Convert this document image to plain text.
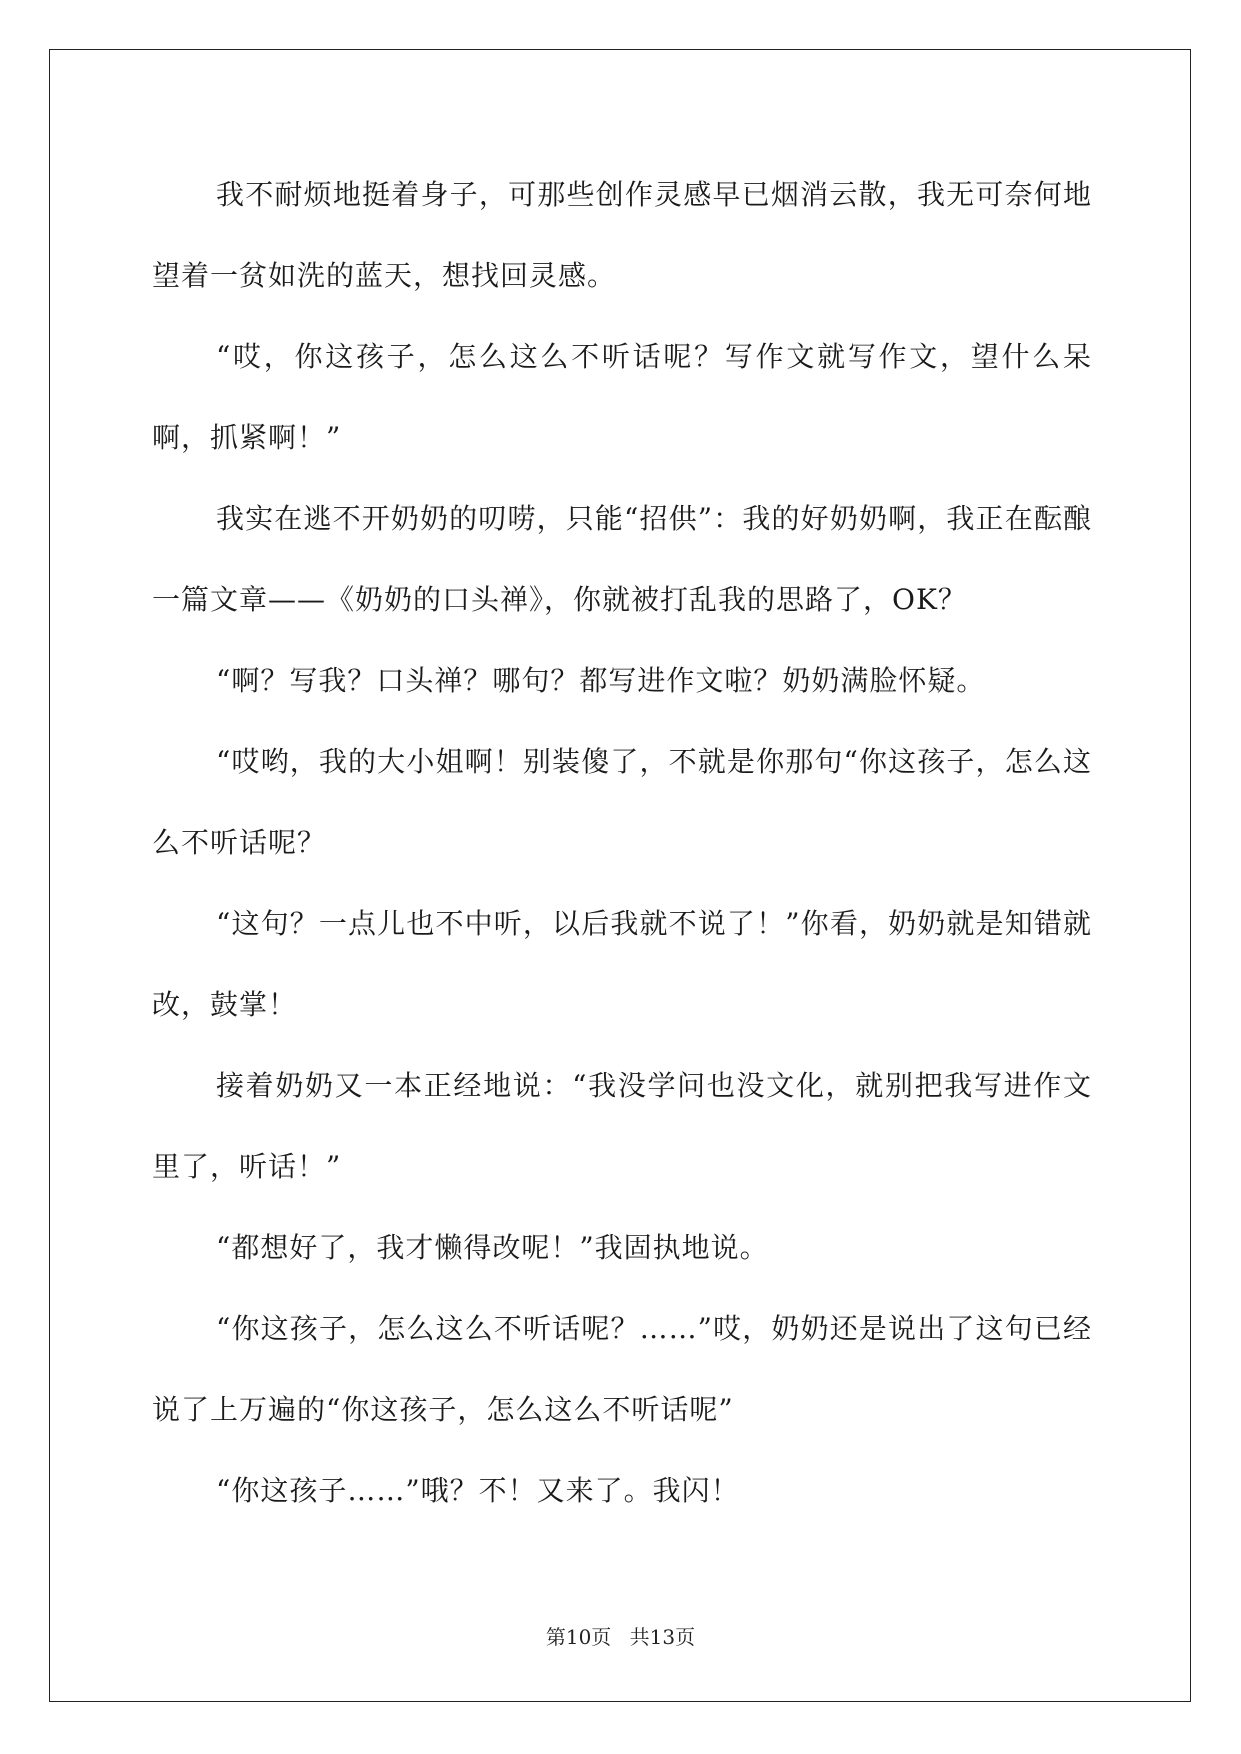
我不耐烦地挺着身子，可那些创作灵感早已烟消云散，我无可奈何地望着一贫如洗的蓝天，想找回灵感。

“哎，你这孩子，怎么这么不听话呢？写作文就写作文，望什么呆啊，抓紧啊！”

我实在逃不开奶奶的叨唠，只能“招供”：我的好奶奶啊，我正在酝酿一篇文章——《奶奶的口头禅》，你就被打乱我的思路了，OK？

“啊？写我？口头禅？哪句？都写进作文啦？奶奶满脸怀疑。

“哎哟，我的大小姐啊！别装傻了，不就是你那句“你这孩子，怎么这么不听话呢？

“这句？一点儿也不中听，以后我就不说了！”你看，奶奶就是知错就改，鼓掌！

接着奶奶又一本正经地说：“我没学问也没文化，就别把我写进作文里了，听话！”

“都想好了，我才懒得改呢！”我固执地说。

“你这孩子，怎么这么不听话呢？……”哎，奶奶还是说出了这句已经说了上万遍的“你这孩子，怎么这么不听话呢”

“你这孩子……”哦？不！又来了。我闪！

第10页 共13页
